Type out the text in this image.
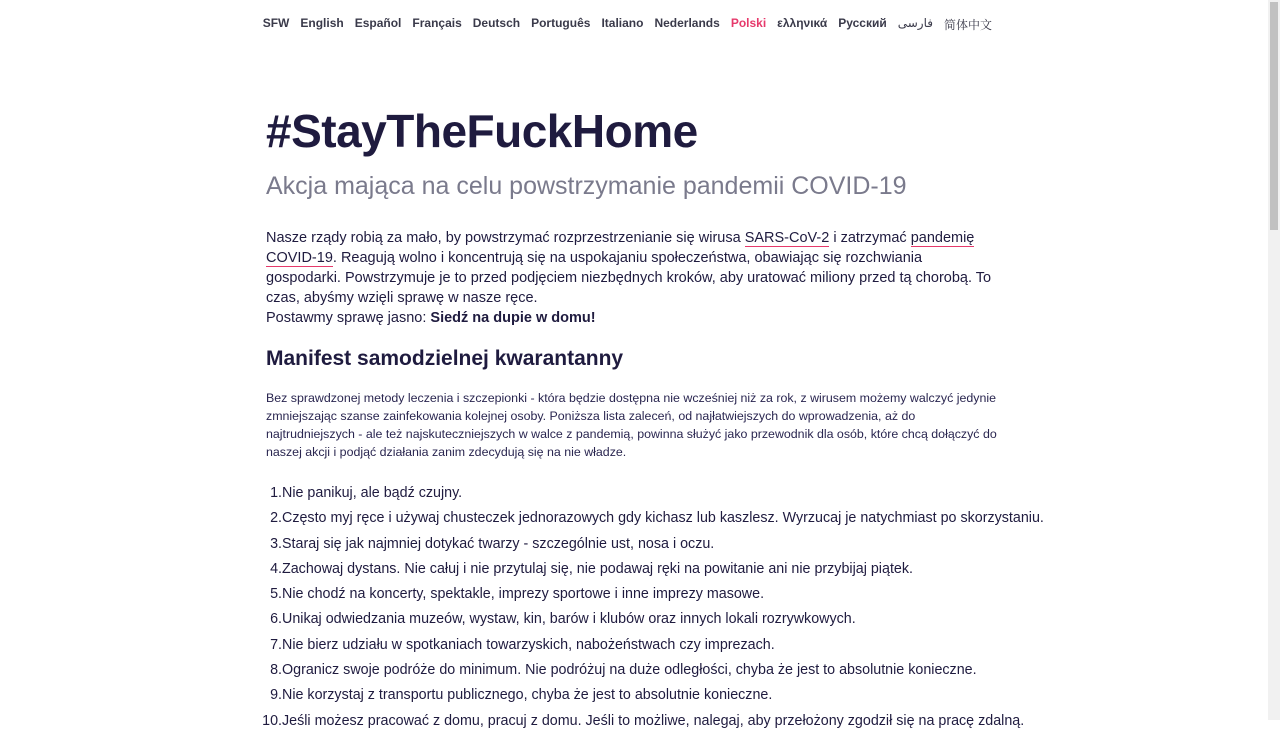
SFW English Español Français Deutsch Português Italiano Nederlands Polski ελληνικά Русский فارسی 简体中文
#StayTheFuckHome

Akcja mająca na celu powstrzymanie pandemii COVID-19

Nasze rządy robią za mało, by powstrzymać rozprzestrzenianie się wirusa SARS-CoV-2 i zatrzymać pandemię COVID-19. Reagują wolno i koncentrują się na uspokajaniu społeczeństwa, obawiając się rozchwiania gospodarki. Powstrzymuje je to przed podjęciem niezbędnych kroków, aby uratować miliony przed tą chorobą. To czas, abyśmy wzięli sprawę w nasze ręce.

Postawmy sprawę jasno: Siedź na dupie w domu!

Manifest samodzielnej kwarantanny

Bez sprawdzonej metody leczenia i szczepionki - która będzie dostępna nie wcześniej niż za rok, z wirusem możemy walczyć jedynie zmniejszając szanse zainfekowania kolejnej osoby. Poniższa lista zaleceń, od najłatwiejszych do wprowadzenia, aż do najtrudniejszych - ale też najskuteczniejszych w walce z pandemią, powinna służyć jako przewodnik dla osób, które chcą dołączyć do naszej akcji i podjąć działania zanim zdecydują się na nie władze.

1. Nie panikuj, ale bądź czujny.
2. Często myj ręce i używaj chusteczek jednorazowych gdy kichasz lub kaszlesz. Wyrzucaj je natychmiast po skorzystaniu.
3. Staraj się jak najmniej dotykać twarzy - szczególnie ust, nosa i oczu.
4. Zachowaj dystans. Nie całuj i nie przytulaj się, nie podawaj ręki na powitanie ani nie przybijaj piątek.
5. Nie chodź na koncerty, spektakle, imprezy sportowe i inne imprezy masowe.
6. Unikaj odwiedzania muzeów, wystaw, kin, barów i klubów oraz innych lokali rozrywkowych.
7. Nie bierz udziału w spotkaniach towarzyskich, nabożeństwach czy imprezach.
8. Ogranicz swoje podróże do minimum. Nie podróżuj na duże odległości, chyba że jest to absolutnie konieczne.
9. Nie korzystaj z transportu publicznego, chyba że jest to absolutnie konieczne.
10. Jeśli możesz pracować z domu, pracuj z domu. Jeśli to możliwe, nalegaj, aby przełożony zgodził się na pracę zdalną.
